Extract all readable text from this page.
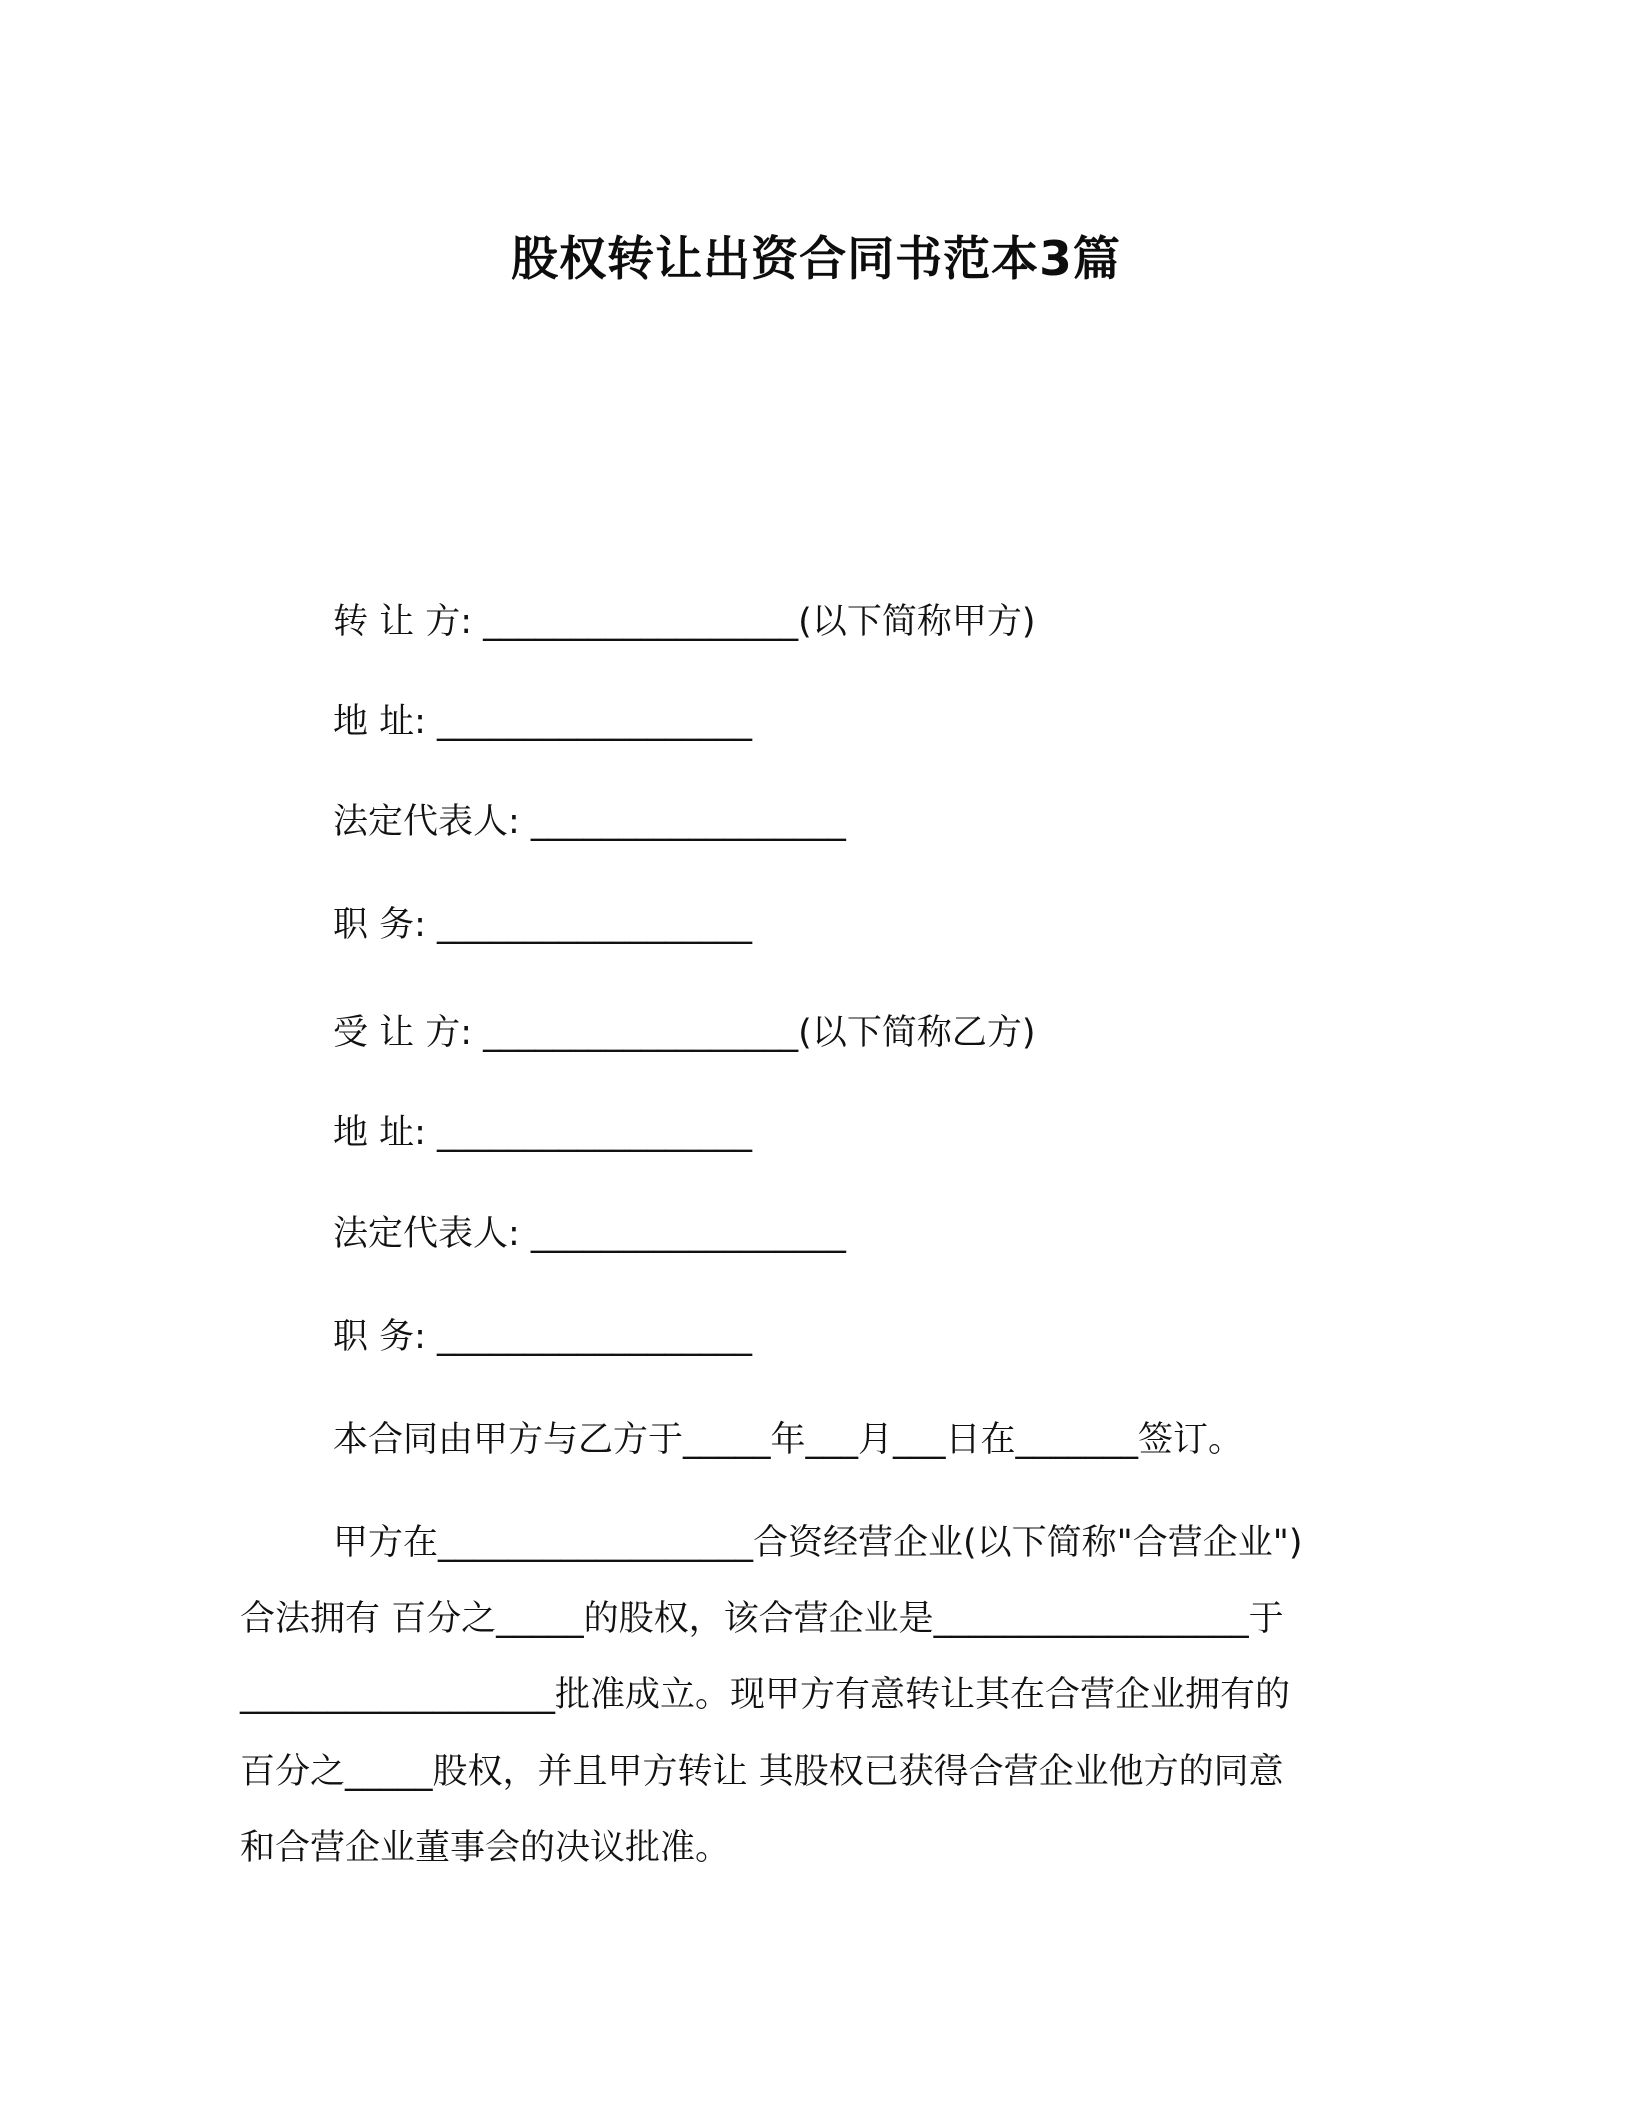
股权转让出资合同书范本3篇
转 让 方: __________________(以下简称甲方)
地 址: __________________
法定代表人: __________________
职 务: __________________
受 让 方: __________________(以下简称乙方)
地 址: __________________
法定代表人: __________________
职 务: __________________
本合同由甲方与乙方于_____年___月___日在_______签订。
甲方在__________________合资经营企业(以下简称"合营企业")
合法拥有 百分之_____的股权，该合营企业是__________________于
__________________批准成立。现甲方有意转让其在合营企业拥有的
百分之_____股权，并且甲方转让 其股权已获得合营企业他方的同意
和合营企业董事会的决议批准。
